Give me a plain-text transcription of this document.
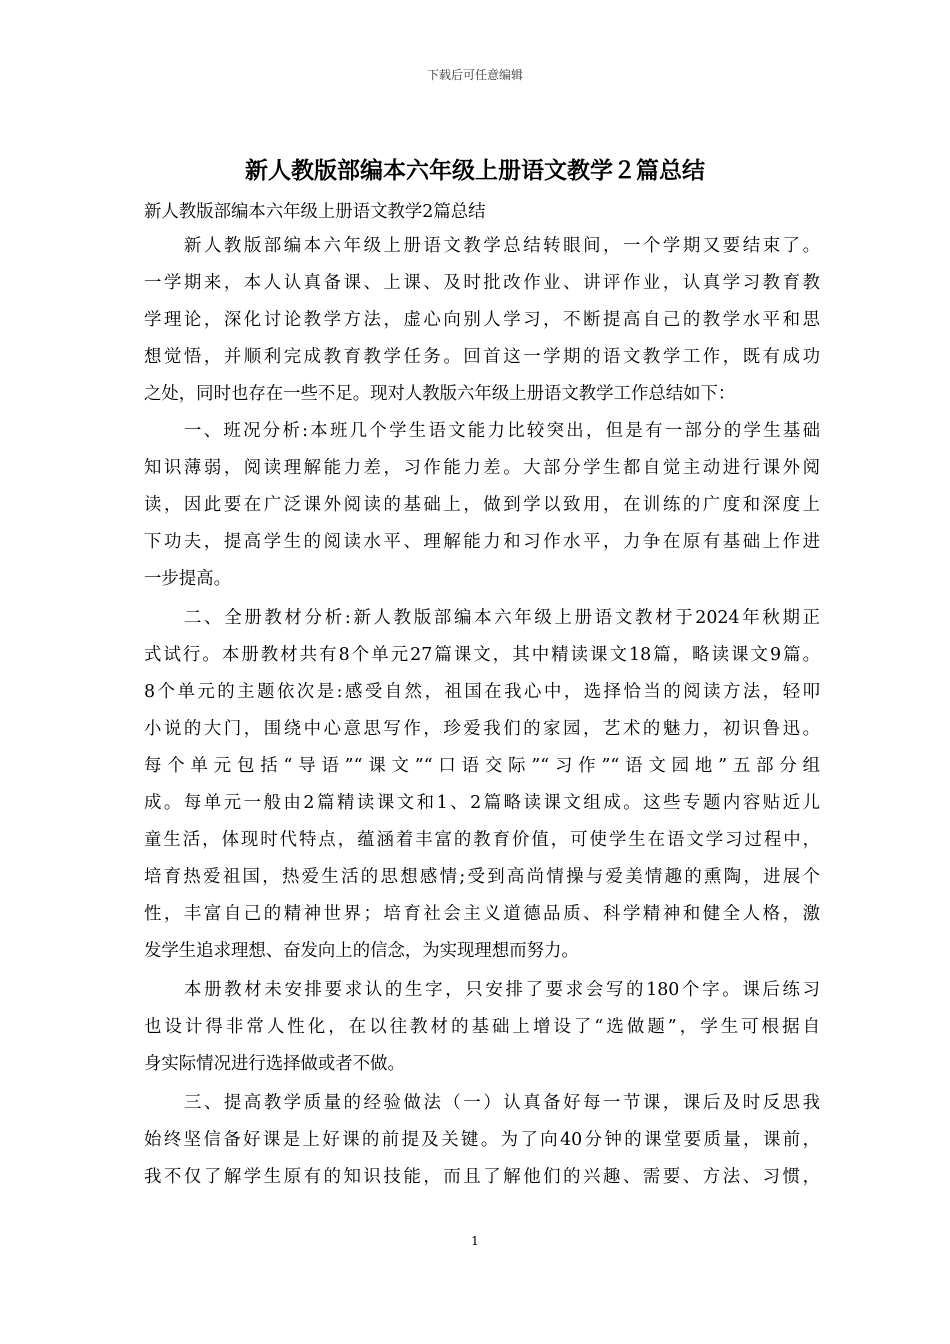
下载后可任意编辑
新人教版部编本六年级上册语文教学２篇总结

新人教版部编本六年级上册语文教学2篇总结

新人教版部编本六年级上册语文教学总结转眼间，一个学期又要结束了。
一学期来，本人认真备课、上课、及时批改作业、讲评作业，认真学习教育教
学理论，深化讨论教学方法，虚心向别人学习，不断提高自己的教学水平和思
想觉悟，并顺利完成教育教学任务。回首这一学期的语文教学工作，既有成功
之处，同时也存在一些不足。现对人教版六年级上册语文教学工作总结如下：
一、班况分析:本班几个学生语文能力比较突出，但是有一部分的学生基础
知识薄弱，阅读理解能力差，习作能力差。大部分学生都自觉主动进行课外阅
读，因此要在广泛课外阅读的基础上，做到学以致用，在训练的广度和深度上
下功夫，提高学生的阅读水平、理解能力和习作水平，力争在原有基础上作进
一步提高。
二、全册教材分析:新人教版部编本六年级上册语文教材于2024年秋期正
式试行。本册教材共有8个单元27篇课文，其中精读课文18篇，略读课文9篇。
8个单元的主题依次是:感受自然，祖国在我心中，选择恰当的阅读方法，轻叩
小说的大门，围绕中心意思写作，珍爱我们的家园，艺术的魅力，初识鲁迅。
每个单元包括“导语”“课文”“口语交际”“习作”“语文园地”五部分组
成。每单元一般由2篇精读课文和1、2篇略读课文组成。这些专题内容贴近儿
童生活，体现时代特点，蕴涵着丰富的教育价值，可使学生在语文学习过程中，
培育热爱祖国，热爱生活的思想感情;受到高尚情操与爱美情趣的熏陶，进展个
性，丰富自己的精神世界；培育社会主义道德品质、科学精神和健全人格，激
发学生追求理想、奋发向上的信念，为实现理想而努力。
本册教材未安排要求认的生字，只安排了要求会写的180个字。课后练习
也设计得非常人性化，在以往教材的基础上增设了“选做题”，学生可根据自
身实际情况进行选择做或者不做。
三、提高教学质量的经验做法（一）认真备好每一节课，课后及时反思我
始终坚信备好课是上好课的前提及关键。为了向40分钟的课堂要质量，课前，
我不仅了解学生原有的知识技能，而且了解他们的兴趣、需要、方法、习惯，
1
